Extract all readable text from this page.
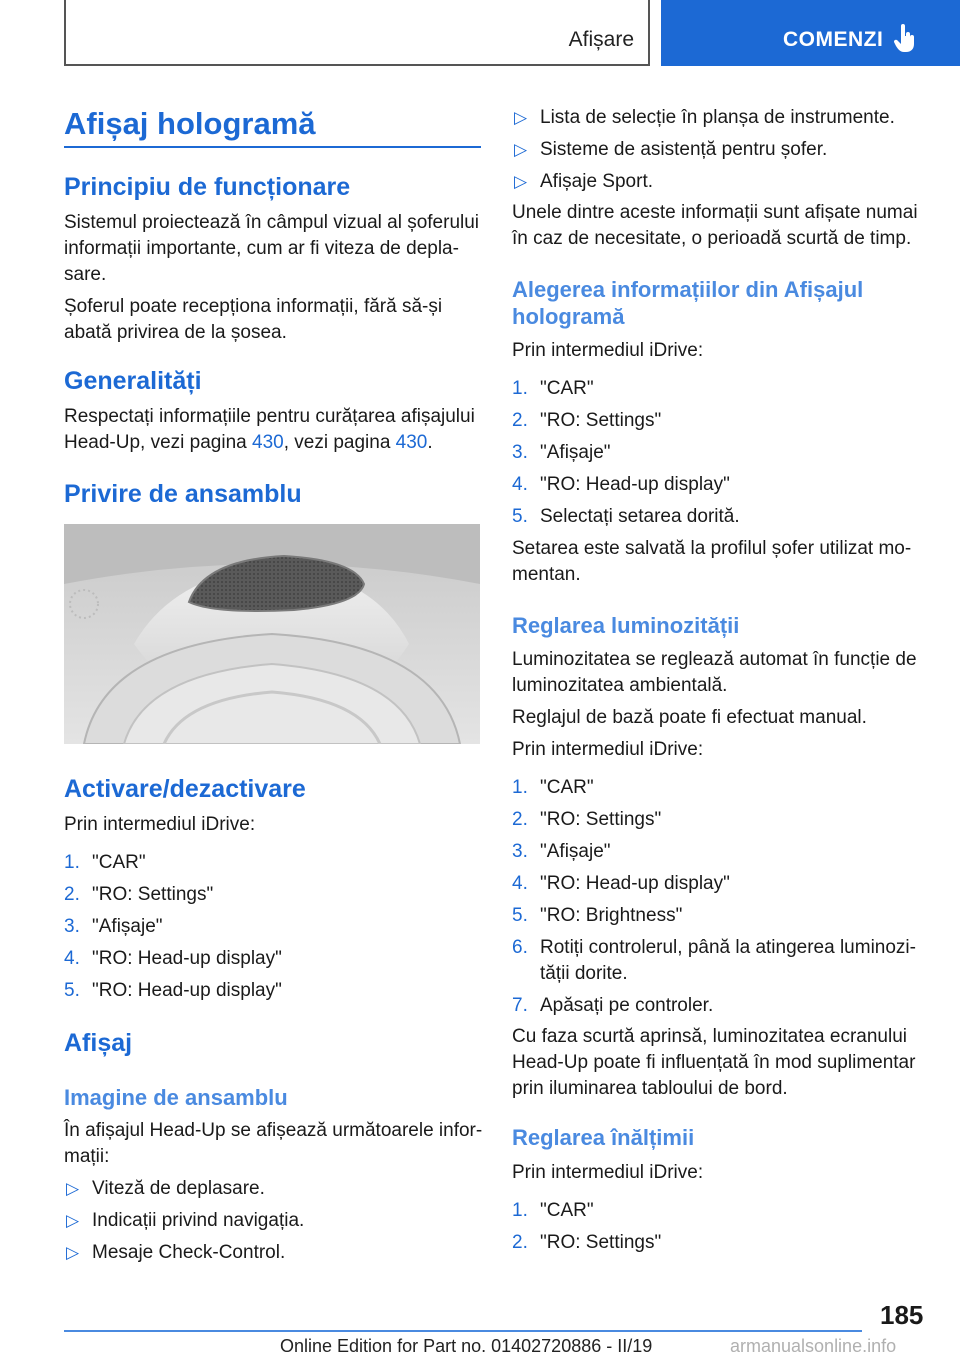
Afișare	COMENZI
Afișaj hologramă
Principiu de funcționare

Sistemul proiectează în câmpul vizual al șoferului

informații importante, cum ar fi viteza de depla-

sare.

Șoferul poate recepționa informații, fără să-și

abată privirea de la șosea.

Generalități

Respectați informațiile pentru curățarea afișajului

Head-Up, vezi pagina 430, vezi pagina 430.

Privire de ansamblu
Activare/dezactivare

Prin intermediul iDrive:

1. "CAR"
2. "RO: Settings"
3. "Afișaje"
4. "RO: Head-up display"
5. "RO: Head-up display"
Afișaj
Imagine de ansamblu

În afișajul Head-Up se afișează următoarele infor-

mații:

▷ Viteză de deplasare.
▷ Indicații privind navigația.
▷ Mesaje Check-Control.
▷ Lista de selecție în planșa de instrumente.
▷ Sisteme de asistență pentru șofer.
▷ Afișaje Sport.

Unele dintre aceste informații sunt afișate numai

în caz de necesitate, o perioadă scurtă de timp.

Alegerea informațiilor din Afișajul
hologramă

Prin intermediul iDrive:

1. "CAR"
2. "RO: Settings"
3. "Afișaje"
4. "RO: Head-up display"
5. Selectați setarea dorită.

Setarea este salvată la profilul șofer utilizat mo-

mentan.

Reglarea luminozității

Luminozitatea se reglează automat în funcție de

luminozitatea ambientală.

Reglajul de bază poate fi efectuat manual.

Prin intermediul iDrive:

1. "CAR"
2. "RO: Settings"
3. "Afișaje"
4. "RO: Head-up display"
5. "RO: Brightness"
6. Rotiți controlerul, până la atingerea luminozi-
tății dorite.
7. Apăsați pe controler.

Cu faza scurtă aprinsă, luminozitatea ecranului

Head-Up poate fi influențată în mod suplimentar

prin iluminarea tabloului de bord.

Reglarea înălțimii

Prin intermediul iDrive:

1. "CAR"
2. "RO: Settings"
185
Online Edition for Part no. 01402720886 - II/19	armanualsonline.info
